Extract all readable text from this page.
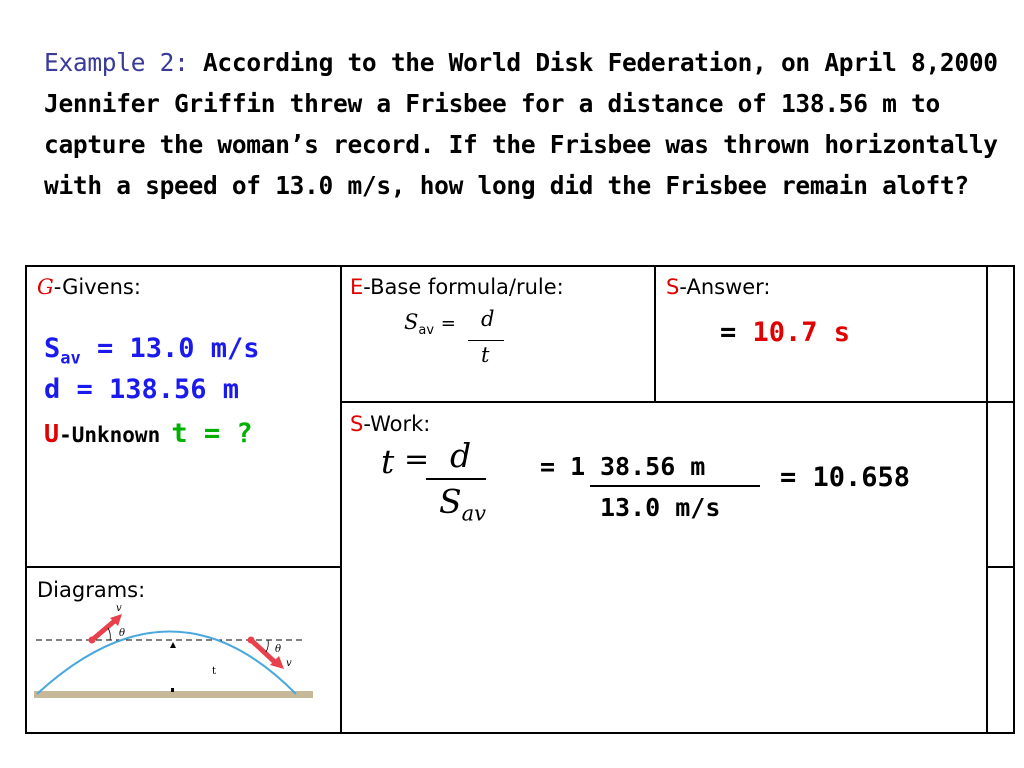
Example 2: According to the World Disk Federation, on April 8,2000 Jennifer Griffin threw a Frisbee for a distance of 138.56 m to capture the woman’s record. If the Frisbee was thrown horizontally with a speed of 13.0 m/s, how long did the Frisbee remain aloft?
G-Givens:
$S_{av} = 13.0$ m/s
d = 138.56 m
U-Unknown t = ?
E-Base formula/rule:
$S_{av} = d$
t
S-Answer:
= 10.7 s
S-Work:
t = d
$S_{av}$
= 1 38.56 m
13.0 m/s
= 10.658
Diagrams:
v
θ
θ
v
t
